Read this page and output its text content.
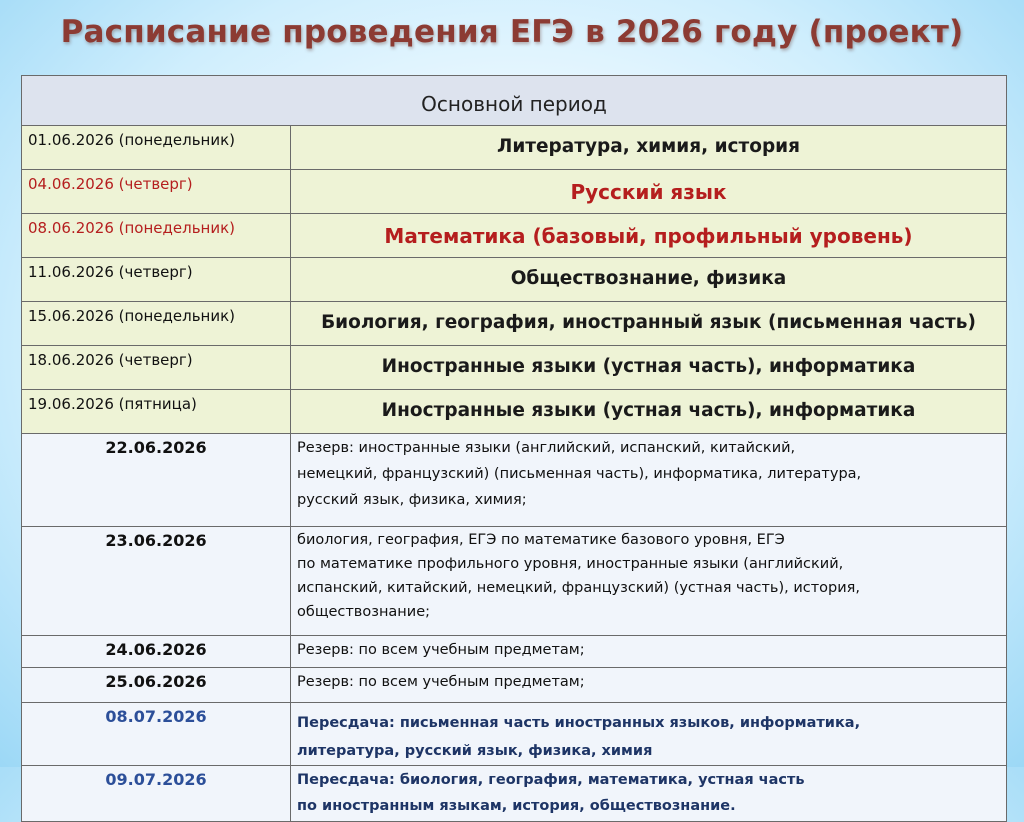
Расписание проведения ЕГЭ в 2026 году (проект)
Основной период	
01.06.2026 (понедельник)	Литература, химия, история
04.06.2026 (четверг)	Русский язык
08.06.2026 (понедельник)	Математика (базовый, профильный уровень)
11.06.2026 (четверг)	Обществознание, физика
15.06.2026 (понедельник)	Биология, география, иностранный язык (письменная часть)
18.06.2026 (четверг)	Иностранные языки (устная часть), информатика
19.06.2026 (пятница)	Иностранные языки (устная часть), информатика
22.06.2026	Резерв: иностранные языки (английский, испанский, китайский,
немецкий, французский) (письменная часть), информатика, литература,
русский язык, физика, химия;
23.06.2026	биология, география, ЕГЭ по математике базового уровня, ЕГЭ
по математике профильного уровня, иностранные языки (английский,
испанский, китайский, немецкий, французский) (устная часть), история,
обществознание;
24.06.2026	Резерв: по всем учебным предметам;
25.06.2026	Резерв: по всем учебным предметам;
08.07.2026	Пересдача: письменная часть иностранных языков, информатика,
литература, русский язык, физика, химия
09.07.2026	Пересдача: биология, география, математика, устная часть
по иностранным языкам, история, обществознание.
